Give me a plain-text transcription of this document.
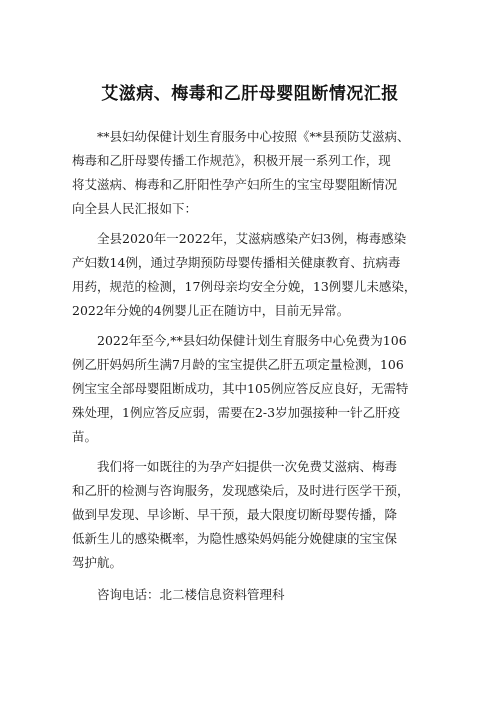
艾滋病、梅毒和乙肝母婴阻断情况汇报
　　**县妇幼保健计划生育服务中心按照《**县预防艾滋病、
梅毒和乙肝母婴传播工作规范》，积极开展一系列工作，现
将艾滋病、梅毒和乙肝阳性孕产妇所生的宝宝母婴阻断情况
向全县人民汇报如下：
　　全县2020年一2022年，艾滋病感染产妇3例，梅毒感染
产妇数14例，通过孕期预防母婴传播相关健康教育、抗病毒
用药，规范的检测，17例母亲均安全分娩，13例婴儿未感染，
2022年分娩的4例婴儿正在随访中，目前无异常。
　　2022年至今,**县妇幼保健计划生育服务中心免费为106
例乙肝妈妈所生满7月龄的宝宝提供乙肝五项定量检测，106
例宝宝全部母婴阻断成功，其中105例应答反应良好，无需特
殊处理，1例应答反应弱，需要在2-3岁加强接种一针乙肝疫
苗。
　　我们将一如既往的为孕产妇提供一次免费艾滋病、梅毒
和乙肝的检测与咨询服务，发现感染后，及时进行医学干预，
做到早发现、早诊断、早干预，最大限度切断母婴传播，降
低新生儿的感染概率，为隐性感染妈妈能分娩健康的宝宝保
驾护航。
　　咨询电话：北二楼信息资料管理科
